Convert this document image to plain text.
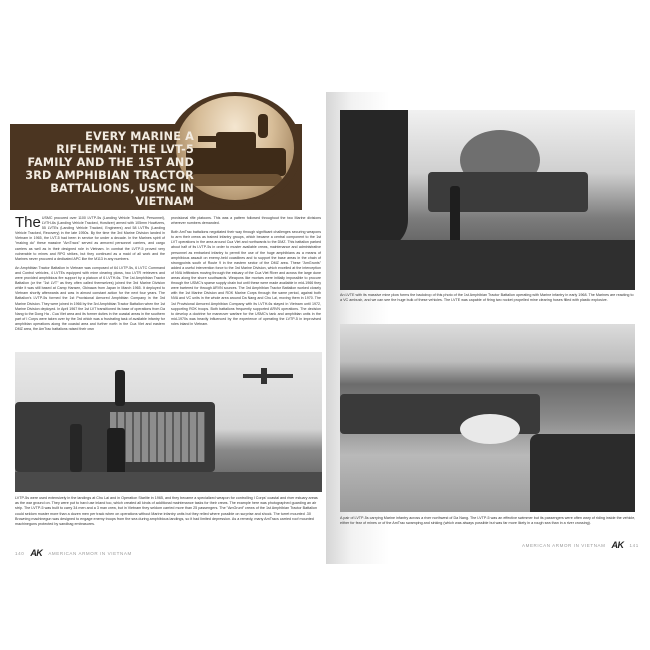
EVERY MARINE A RIFLEMAN: THE LVT-5 FAMILY AND THE 1ST AND 3RD AMPHIBIAN TRACTOR BATTALIONS, USMC IN VIETNAM

The USMC procured over 1100 LVTP-5s (Landing Vehicle Tracked, Personnel), LVTH-6s (Landing Vehicle Tracked, Howitzer) armed with 105mm Howitzers, 55 LVTEs (Landing Vehicle Tracked, Engineers) and 58 LVTRs (Landing Vehicle Tracked, Recovery) in the late 1950s. By the time the 3rd Marine Division landed in Vietnam in 1965, the LVT-5 had been in service for under a decade. In the Marines spirit of "making do" these massive "AmTracs" served as armored personnel carriers, and cargo carriers as well as in their designed role in Vietnam. In combat the LVTP-5 proved very vulnerable to mines and RPG strikes, but they continued as a maid of all work and the Marines never procured a dedicated APC like the M113 in any numbers.

An Amphibian Tractor Battalion in Vietnam was composed of 64 LVTP-5s, 6 LVTC Command and Control vehicles, 4 LVTEs equipped with mine clearing plows, two LVTR retrievers and were provided amphibious fire support by a platoon of 6 LVTH-6s. The 1st Amphibian Tractor Battalion (or the "1st LVT" as they often called themselves) joined the 3rd Marine Division while it was still based at Camp Hansen, Okinawa from Japan in March 1965. It deployed to Vietnam shortly afterwards and was in almost constant action for the next four years. The Battalion's LVTP-5s formed the 1st Provisional Armored Amphibian Company in the 3rd Marine Division. They were joined in 1966 by the 3rd Amphibian Tractor Battalion when the 1st Marine Division deployed. In April 1967 the 1st LVT transitioned its base of operations from Da Nang to the Dong Ha - Cua Viet area and its former duties in the coastal areas in the southern part of I Corps were taken over by the 3rd which was a frustrating task of available infantry for amphibian operations along the coastal area and further north in the Cua Viet and eastern DMZ area, the AmTrac battalions raised their own

provisional rifle platoons. This was a pattern followed throughout the two Marine divisions wherever numbers demanded.

Both AmTrac battalions negotiated their way through significant challenges securing weapons to arm their crews as trained infantry groups, which became a central component to the 1st LVT operations in the area around Cua Viet and northwards to the DMZ. This battalion parked about half of its LVTP-5s in order to muster available crews, maintenance and administrative personnel as embarked infantry to permit the use of the huge amphibians as a means of amphibious assault on enemy-held coastlines and to support the base areas in the chain of strongpoints south of Route 9 in the eastern sector of the DMZ area. These "AmGrunts" added a useful intervention force to the 3rd Marine Division, which excelled at the interception of NVA infiltrators moving through the estuary of the Cua Viet River and across the large dune areas along the shore southwards. Weapons like mortars were initially impossible to procure through the USMC's sparse supply chain but until these were made available in mid-1966 they were bartered for through ARVN sources. The 3rd Amphibian Tractor Battalion worked closely with the 1st Marine Division and ROK Marine Corps through the same period, against both NVA and VC units in the whole area around Da Nang and Chu Lai, moving them in 1970. The 1st Provisional Armored Amphibian Company with its LVTH-6s stayed in Vietnam until 1972, supporting ROK troops. Both battalions frequently supported ARVN operations. The decision to develop a doctrine for maneuver warfare for the USMC's tank and amphibian units in the mid-1970s was heavily influenced by the experience of operating the LVTP-5 in improvised roles inland in Vietnam.

LVTP-5s were used extensively in the landings at Chu Lai and in Operation Starlite in 1965, and they became a specialized weapon for controlling I Corps' coastal and river estuary areas as the war ground on. They were put to hard use inland too, which created all kinds of additional maintenance tasks for their crews. The example here was photographed guarding an air strip. The LVTP-5 was built to carry 34 men and a 3 man crew, but in Vietnam they seldom carried more than 25 passengers. The "AmGrunt" crews of the 1st Amphibian Tractor Battalion could seldom muster more than a dozen men per track when on operations without Marine infantry units but they relied where possible on surprise and shock. The turret mounted .30 Browning machinegun was designed to engage enemy troops from the sea during amphibious landings, so it had limited depression. As a remedy, many AmTracs carried roof mounted machineguns protected by sandbag embrasures.
140 AK AMERICAN ARMOR IN VIETNAM
An LVTE with its massive mine plow forms the backdrop of this photo of the 1st Amphibian Tractor Battalion operating with Marine infantry in early 1968. The Marines are reacting to a VC ambush, and we can see the huge bulk of these vehicles. The LVTE was capable of firing two rocket propelled mine clearing hoses filled with plastic explosive.
A pair of LVTP-5s carrying Marine infantry across a river northwest of Da Nang. The LVTP-5 was an effective swimmer but its passengers were often wary of riding inside the vehicle, either for fear of mines or of the AmTrac swamping and sinking (which was always possible but was far more likely in a rough sea than in a river crossing).
AMERICAN ARMOR IN VIETNAM AK 141
